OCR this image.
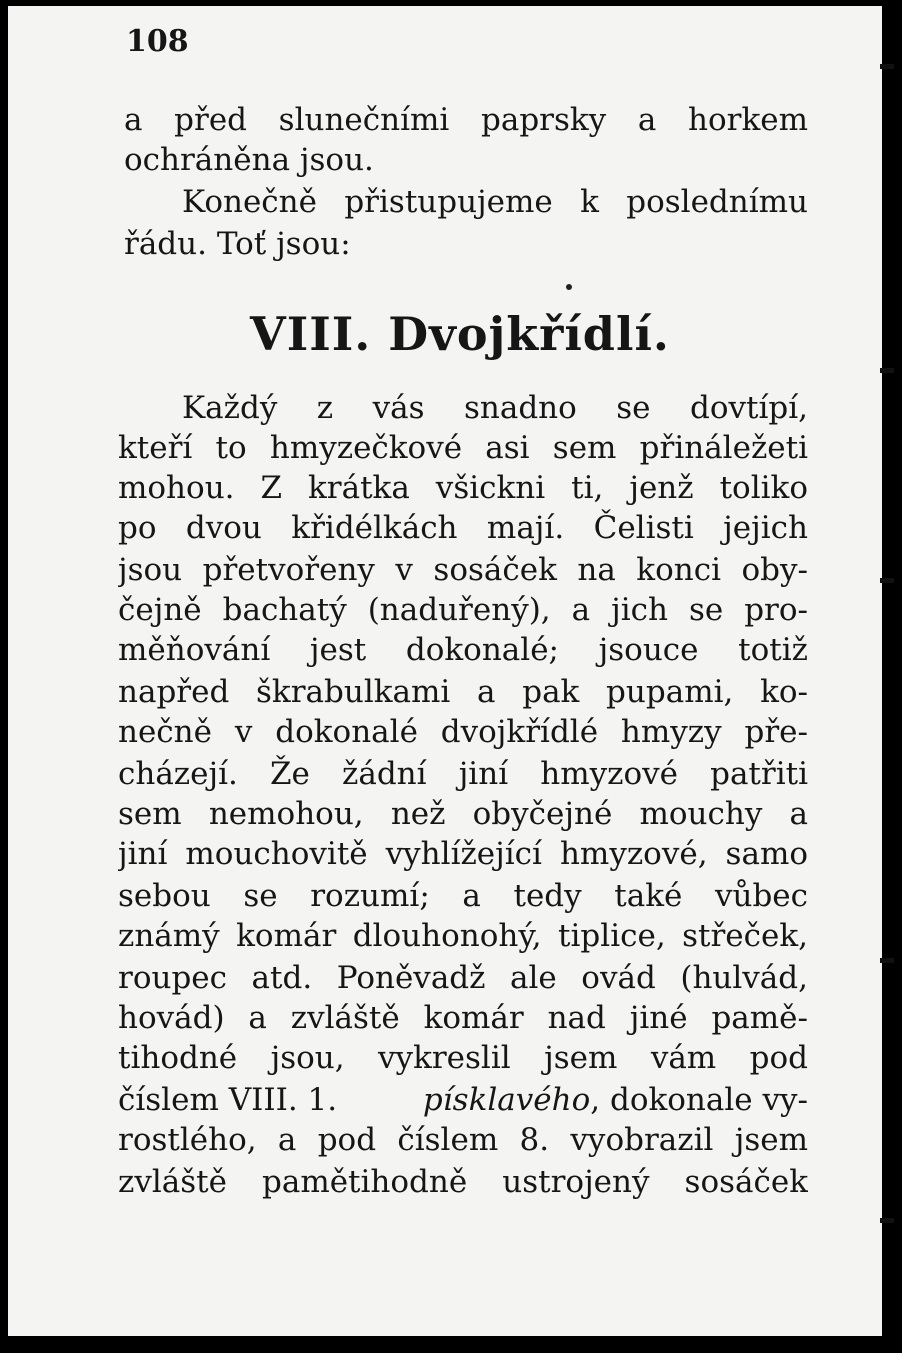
108
a před slunečními paprsky a horkem
ochráněna jsou.
Konečně přistupujeme k poslednímu
řádu. Toť jsou:
VIII. Dvojkřídlí.
Každý z vás snadno se dovtípí,
kteří to hmyzečkové asi sem přináležeti
mohou. Z krátka všickni ti, jenž toliko
po dvou křidélkách mají. Čelisti jejich
jsou přetvořeny v sosáček na konci oby-
čejně bachatý (naduřený), a jich se pro-
měňování jest dokonalé; jsouce totiž
napřed škrabulkami a pak pupami, ko-
nečně v dokonalé dvojkřídlé hmyzy pře-
cházejí. Že žádní jiní hmyzové patřiti
sem nemohou, než obyčejné mouchy a
jiní mouchovitě vyhlížející hmyzové, samo
sebou se rozumí; a tedy také vůbec
známý komár dlouhonohý, tiplice, střeček,
roupec atd. Poněvadž ale ovád (hulvád,
hovád) a zvláště komár nad jiné pamě-
tihodné jsou, vykreslil jsem vám pod
číslem VIII. 1.	písklavého, dokonale vy-
rostlého, a pod číslem 8. vyobrazil jsem
zvláště pamětihodně ustrojený sosáček
